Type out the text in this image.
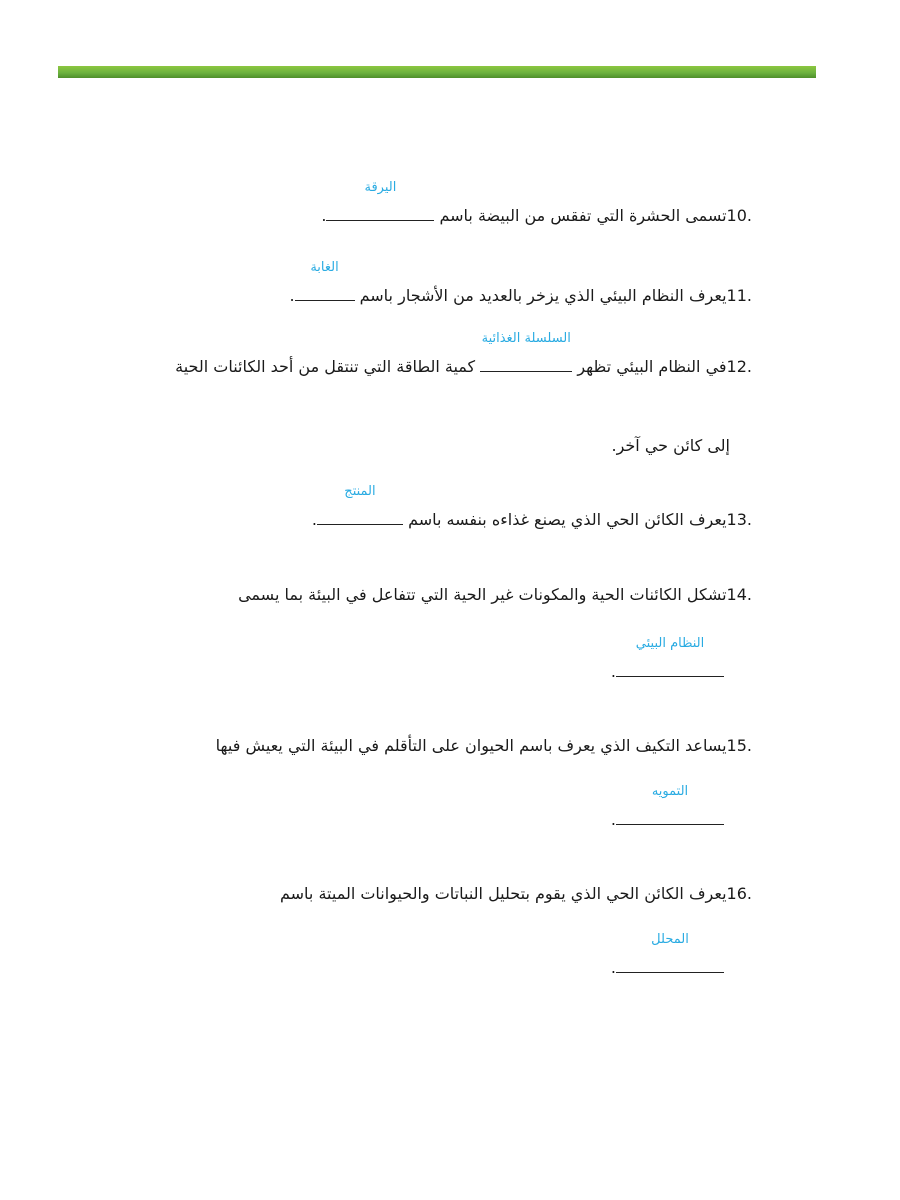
10.تسمى الحشرة التي تفقس من البيضة باسم
اليرقة
.
11.يعرف النظام البيئي الذي يزخر بالعديد من الأشجار باسم
الغابة
.
12.في النظام البيئي تظهر
السلسلة الغذائية
كمية الطاقة التي تنتقل من أحد الكائنات الحية
إلى كائن حي آخر.
13.يعرف الكائن الحي الذي يصنع غذاءه بنفسه باسم
المنتج
.
14.تشكل الكائنات الحية والمكونات غير الحية التي تتفاعل في البيئة بما يسمى
النظام البيئي
.
15.يساعد التكيف الذي يعرف باسم الحيوان على التأقلم في البيئة التي يعيش فيها
التمويه
.
16.يعرف الكائن الحي الذي يقوم بتحليل النباتات والحيوانات الميتة باسم
المحلل
.
